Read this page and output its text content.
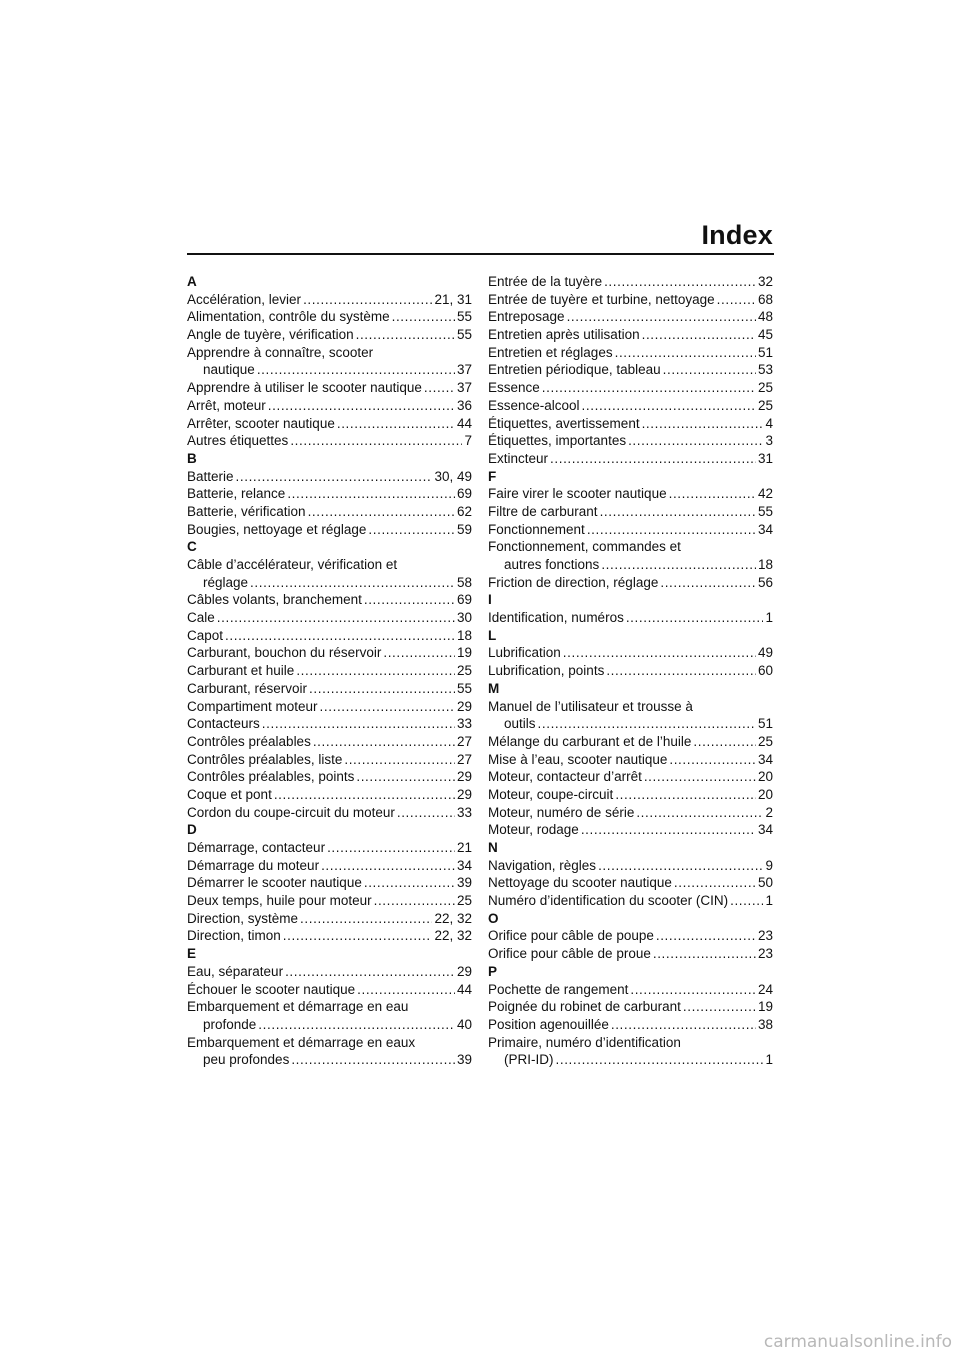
Index
A
Accélération, levier .....	21, 31
Alimentation, contrôle du système .....	55
Angle de tuyère, vérification .....	55
Apprendre à connaître, scooter
nautique .....	37
Apprendre à utiliser le scooter nautique .....	37
Arrêt, moteur .....	36
Arrêter, scooter nautique .....	44
Autres étiquettes .....	7
B
Batterie .....	30, 49
Batterie, relance .....	69
Batterie, vérification .....	62
Bougies, nettoyage et réglage .....	59
C
Câble d’accélérateur, vérification et
réglage .....	58
Câbles volants, branchement .....	69
Cale .....	30
Capot .....	18
Carburant, bouchon du réservoir .....	19
Carburant et huile .....	25
Carburant, réservoir .....	55
Compartiment moteur .....	29
Contacteurs .....	33
Contrôles préalables .....	27
Contrôles préalables, liste .....	27
Contrôles préalables, points .....	29
Coque et pont .....	29
Cordon du coupe-circuit du moteur .....	33
D
Démarrage, contacteur .....	21
Démarrage du moteur .....	34
Démarrer le scooter nautique .....	39
Deux temps, huile pour moteur .....	25
Direction, système .....	22, 32
Direction, timon .....	22, 32
E
Eau, séparateur .....	29
Échouer le scooter nautique .....	44
Embarquement et démarrage en eau
profonde .....	40
Embarquement et démarrage en eaux
peu profondes .....	39
Entrée de la tuyère .....	32
Entrée de tuyère et turbine, nettoyage .....	68
Entreposage .....	48
Entretien après utilisation .....	45
Entretien et réglages .....	51
Entretien périodique, tableau .....	53
Essence .....	25
Essence-alcool .....	25
Étiquettes, avertissement .....	4
Étiquettes, importantes .....	3
Extincteur .....	31
F
Faire virer le scooter nautique .....	42
Filtre de carburant .....	55
Fonctionnement .....	34
Fonctionnement, commandes et
autres fonctions .....	18
Friction de direction, réglage .....	56
I
Identification, numéros .....	1
L
Lubrification .....	49
Lubrification, points .....	60
M
Manuel de l’utilisateur et trousse à
outils .....	51
Mélange du carburant et de l’huile .....	25
Mise à l’eau, scooter nautique .....	34
Moteur, contacteur d’arrêt .....	20
Moteur, coupe-circuit .....	20
Moteur, numéro de série .....	2
Moteur, rodage .....	34
N
Navigation, règles .....	9
Nettoyage du scooter nautique .....	50
Numéro d’identification du scooter (CIN) .....	1
O
Orifice pour câble de poupe .....	23
Orifice pour câble de proue .....	23
P
Pochette de rangement .....	24
Poignée du robinet de carburant .....	19
Position agenouillée .....	38
Primaire, numéro d’identification
(PRI-ID) .....	1
carmanualsonline.info
